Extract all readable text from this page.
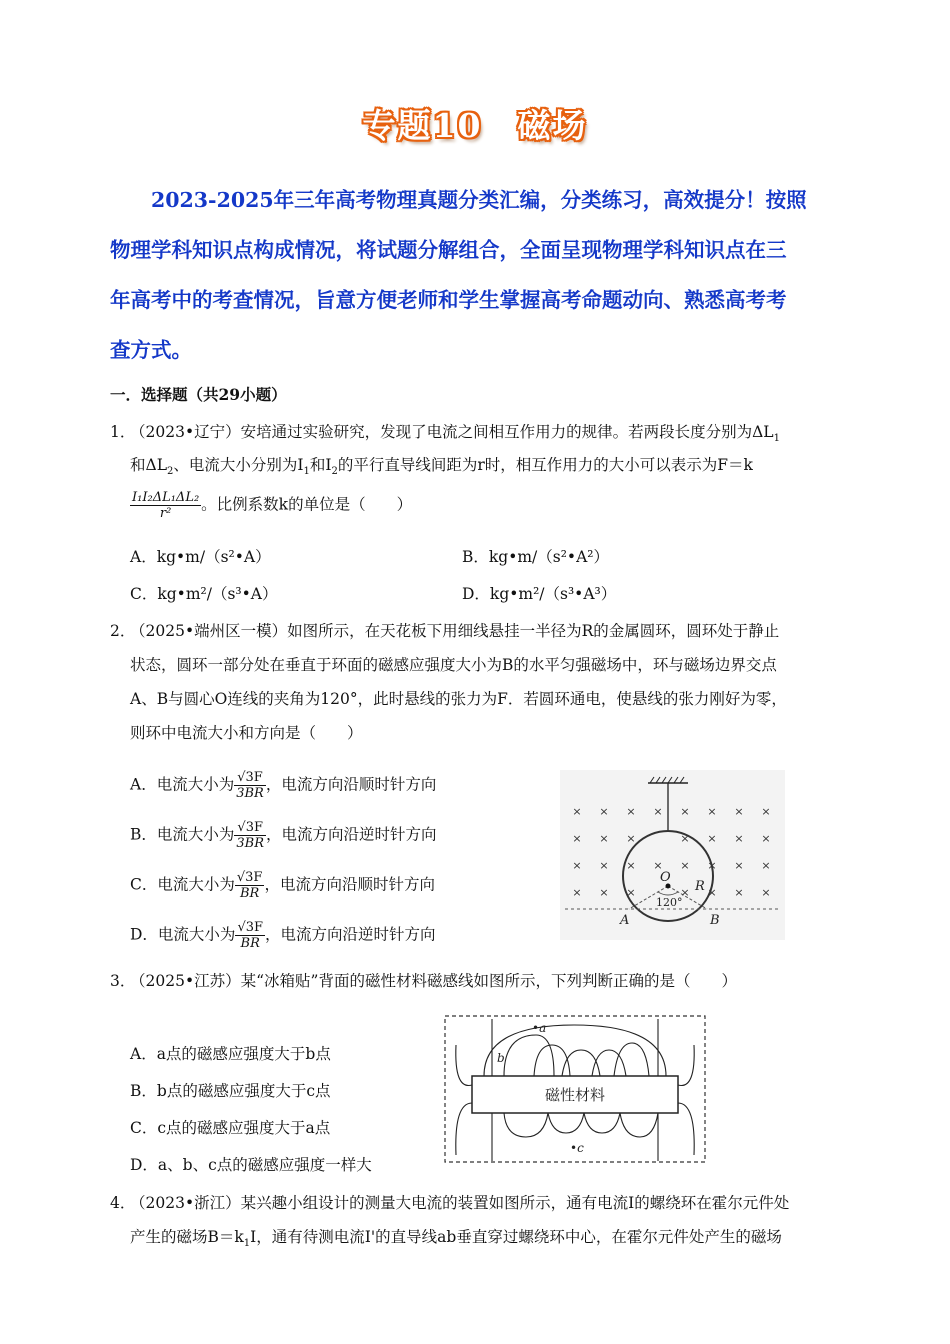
专题10　磁场
2023-2025年三年高考物理真题分类汇编，分类练习，高效提分！按照
物理学科知识点构成情况，将试题分解组合，全面呈现物理学科知识点在三
年高考中的考查情况，旨意方便老师和学生掌握高考命题动向、熟悉高考考
查方式。
一．选择题（共29小题）
1．
（2023•辽宁）安培通过实验研究，发现了电流之间相互作用力的规律。若两段长度分别为$\Delta L_1$
和$\Delta L_2$、电流大小分别为$I_1$和$I_2$的平行直导线间距为r时，相互作用力的大小可以表示为F＝k
$\frac{\text{I₁I₂ΔL₁ΔL₂}}{\text{r²}}$ 。比例系数k的单位是（　　）
A．kg•m/（s²•A）	B．kg•m/（s²•A²）
C．kg•m²/（s³•A）	D．kg•m²/（s³•A³）
2．
（2025•端州区一模）如图所示，在天花板下用细线悬挂一半径为R的金属圆环，圆环处于静止
状态，圆环一部分处在垂直于环面的磁感应强度大小为B的水平匀强磁场中，环与磁场边界交点
A、B与圆心O连线的夹角为120°，此时悬线的张力为F．若圆环通电，使悬线的张力刚好为零，
则环中电流大小和方向是（　　）
A．电流大小为 $\frac{√3F}{3BR}$ ，电流方向沿顺时针方向
B．电流大小为 $\frac{√3F}{3BR}$ ，电流方向沿逆时针方向
C．电流大小为 $\frac{√3F}{BR}$ ，电流方向沿顺时针方向
D．电流大小为 $\frac{√3F}{BR}$ ，电流方向沿逆时针方向
× × × × × × × ×
× × ×	× × × ×
× × × × × × × ×
× × ×	× × × ×
O
R
A	B
120°
3．
（2025•江苏）某“冰箱贴”背面的磁性材料磁感线如图所示，下列判断正确的是（　　）
A．a点的磁感应强度大于b点
B．b点的磁感应强度大于c点
C．c点的磁感应强度大于a点
D．a、b、c点的磁感应强度一样大
磁性材料
•a
b
•c
4．
（2023•浙江）某兴趣小组设计的测量大电流的装置如图所示，通有电流I的螺绕环在霍尔元件处
产生的磁场$B=k_1I$，通有待测电流I'的直导线ab垂直穿过螺绕环中心，在霍尔元件处产生的磁场
